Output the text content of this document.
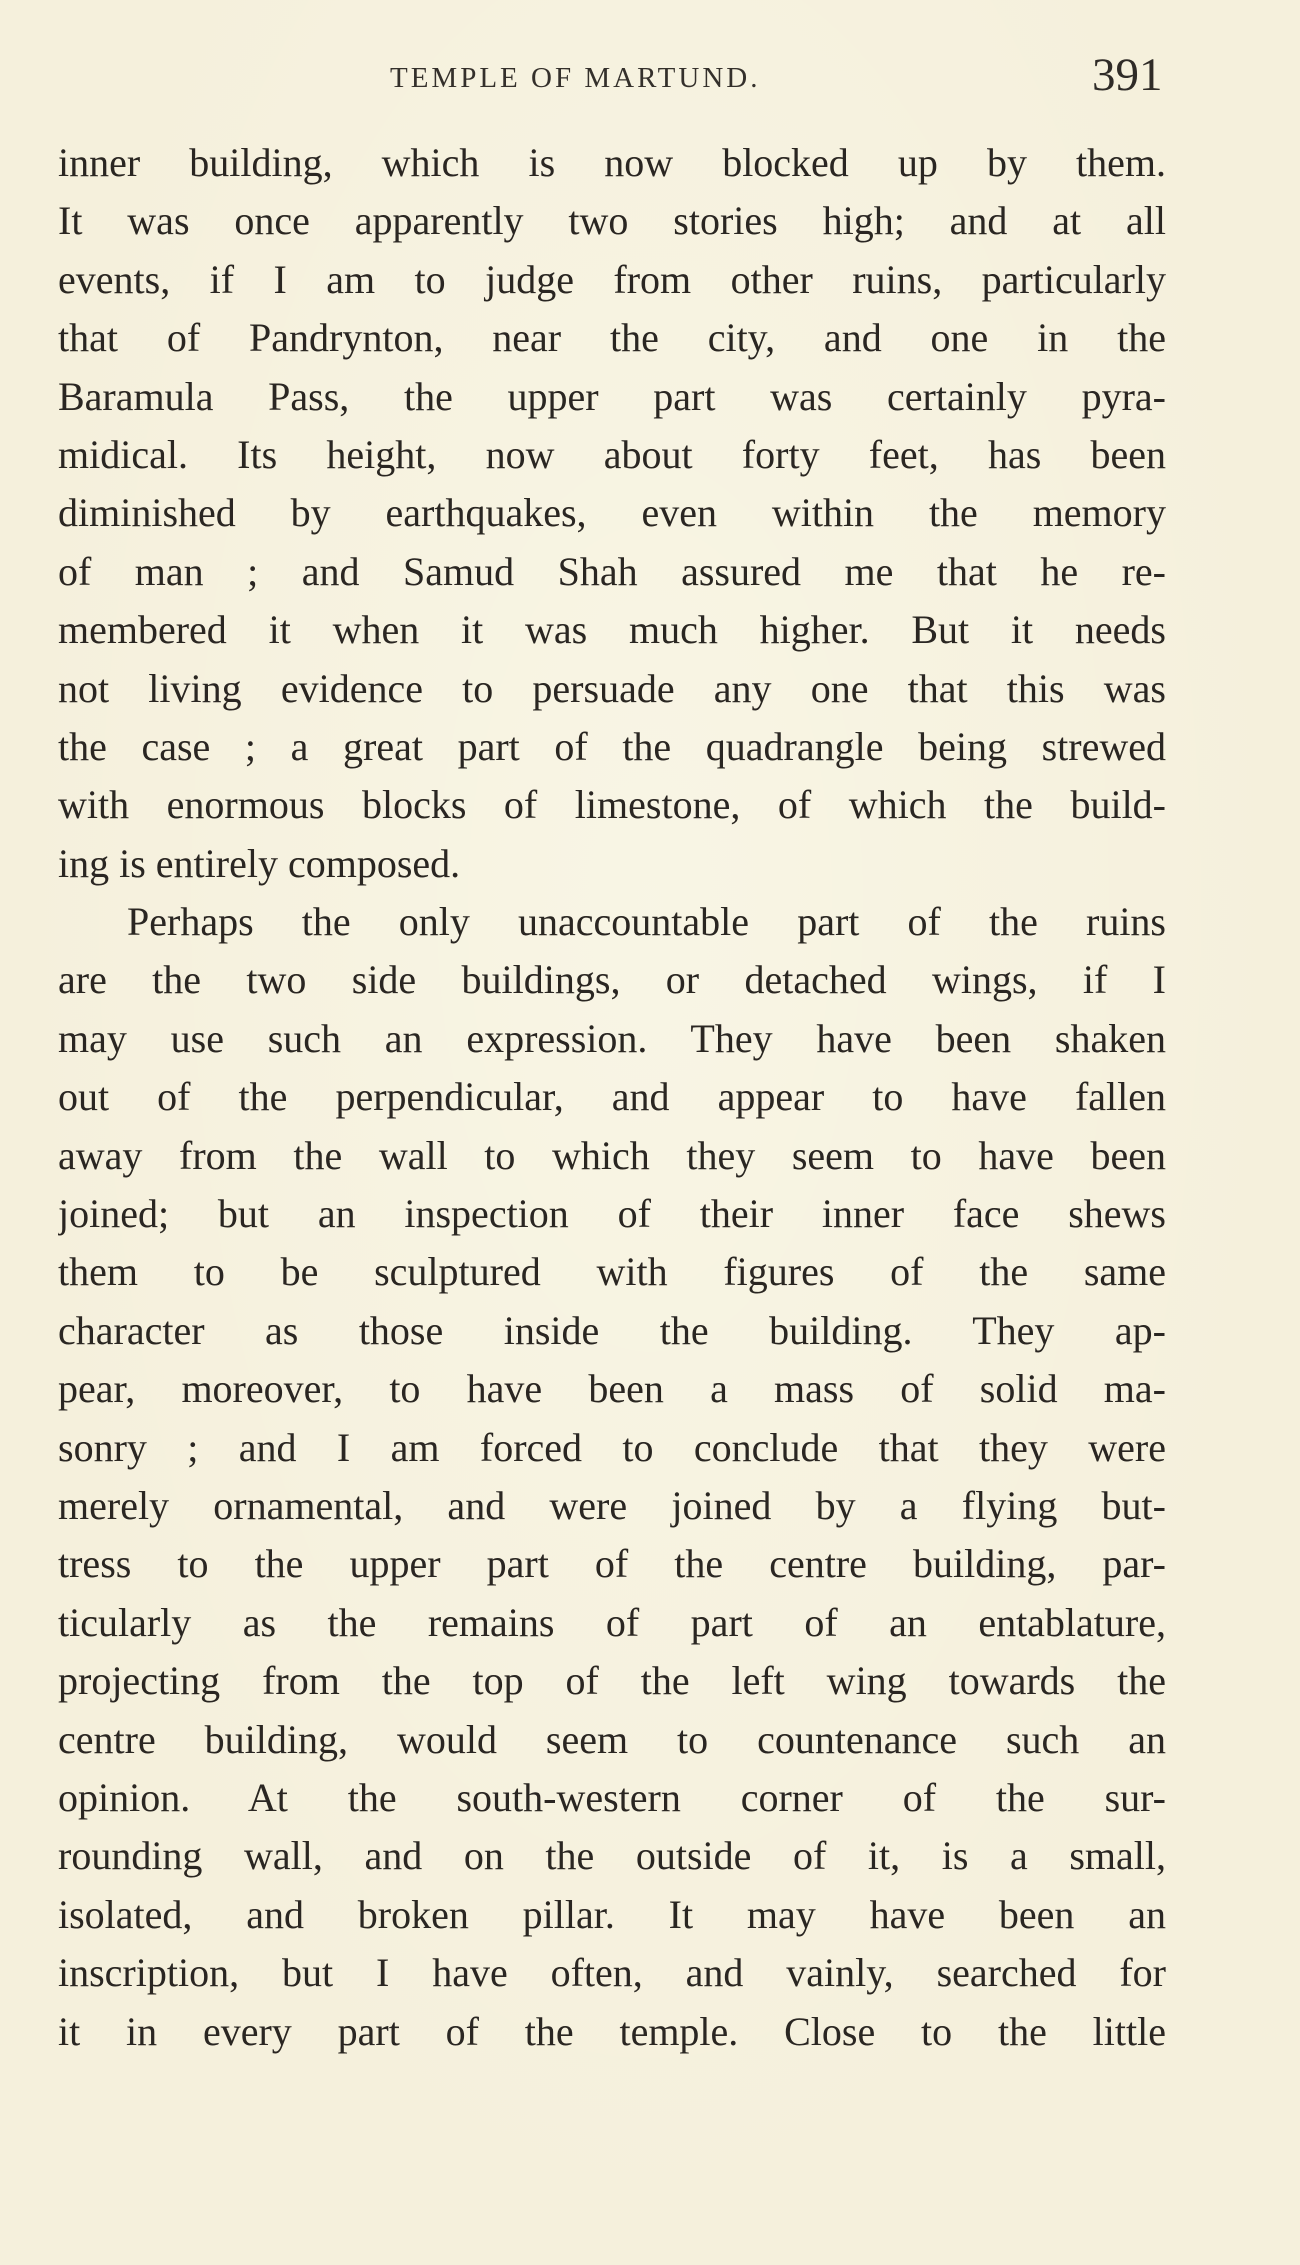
TEMPLE OF MARTUND.	391
inner building, which is now blocked up by them.
It was once apparently two stories high; and at all
events, if I am to judge from other ruins, particularly
that of Pandrynton, near the city, and one in the
Baramula Pass, the upper part was certainly pyra-
midical. Its height, now about forty feet, has been
diminished by earthquakes, even within the memory
of man ; and Samud Shah assured me that he re-
membered it when it was much higher. But it needs
not living evidence to persuade any one that this was
the case ; a great part of the quadrangle being strewed
with enormous blocks of limestone, of which the build-
ing is entirely composed.
Perhaps the only unaccountable part of the ruins
are the two side buildings, or detached wings, if I
may use such an expression. They have been shaken
out of the perpendicular, and appear to have fallen
away from the wall to which they seem to have been
joined; but an inspection of their inner face shews
them to be sculptured with figures of the same
character as those inside the building. They ap-
pear, moreover, to have been a mass of solid ma-
sonry ; and I am forced to conclude that they were
merely ornamental, and were joined by a flying but-
tress to the upper part of the centre building, par-
ticularly as the remains of part of an entablature,
projecting from the top of the left wing towards the
centre building, would seem to countenance such an
opinion. At the south-western corner of the sur-
rounding wall, and on the outside of it, is a small,
isolated, and broken pillar. It may have been an
inscription, but I have often, and vainly, searched for
it in every part of the temple. Close to the little
